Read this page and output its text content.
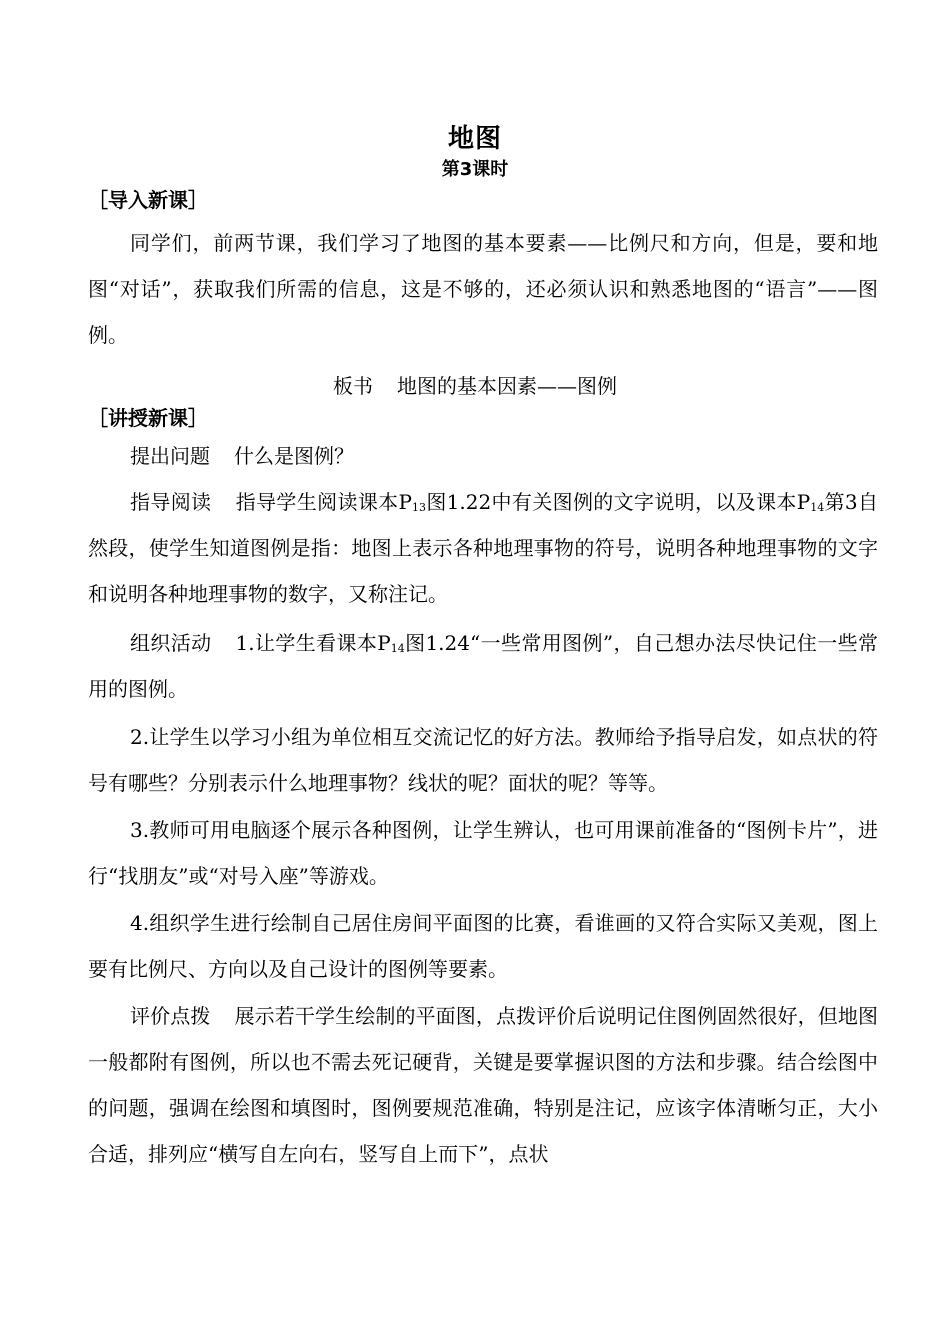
地图
第3课时
［导入新课］

同学们，前两节课，我们学习了地图的基本要素——比例尺和方向，但是，要和地图“对话”，获取我们所需的信息，这是不够的，还必须认识和熟悉地图的“语言”——图例。

板书 地图的基本因素——图例
［讲授新课］

提出问题 什么是图例？

指导阅读 指导学生阅读课本$P_{13}$图1.22中有关图例的文字说明，以及课本$P_{14}$第3自然段，使学生知道图例是指：地图上表示各种地理事物的符号，说明各种地理事物的文字和说明各种地理事物的数字，又称注记。

组织活动 1.让学生看课本$P_{14}$图1.24“一些常用图例”，自己想办法尽快记住一些常用的图例。

2.让学生以学习小组为单位相互交流记忆的好方法。教师给予指导启发，如点状的符号有哪些？分别表示什么地理事物？线状的呢？面状的呢？等等。

3.教师可用电脑逐个展示各种图例，让学生辨认，也可用课前准备的“图例卡片”，进行“找朋友”或“对号入座”等游戏。

4.组织学生进行绘制自己居住房间平面图的比赛，看谁画的又符合实际又美观，图上要有比例尺、方向以及自己设计的图例等要素。

评价点拨 展示若干学生绘制的平面图，点拨评价后说明记住图例固然很好，但地图一般都附有图例，所以也不需去死记硬背，关键是要掌握识图的方法和步骤。结合绘图中的问题，强调在绘图和填图时，图例要规范准确，特别是注记，应该字体清晰匀正，大小合适，排列应“横写自左向右，竖写自上而下”，点状
